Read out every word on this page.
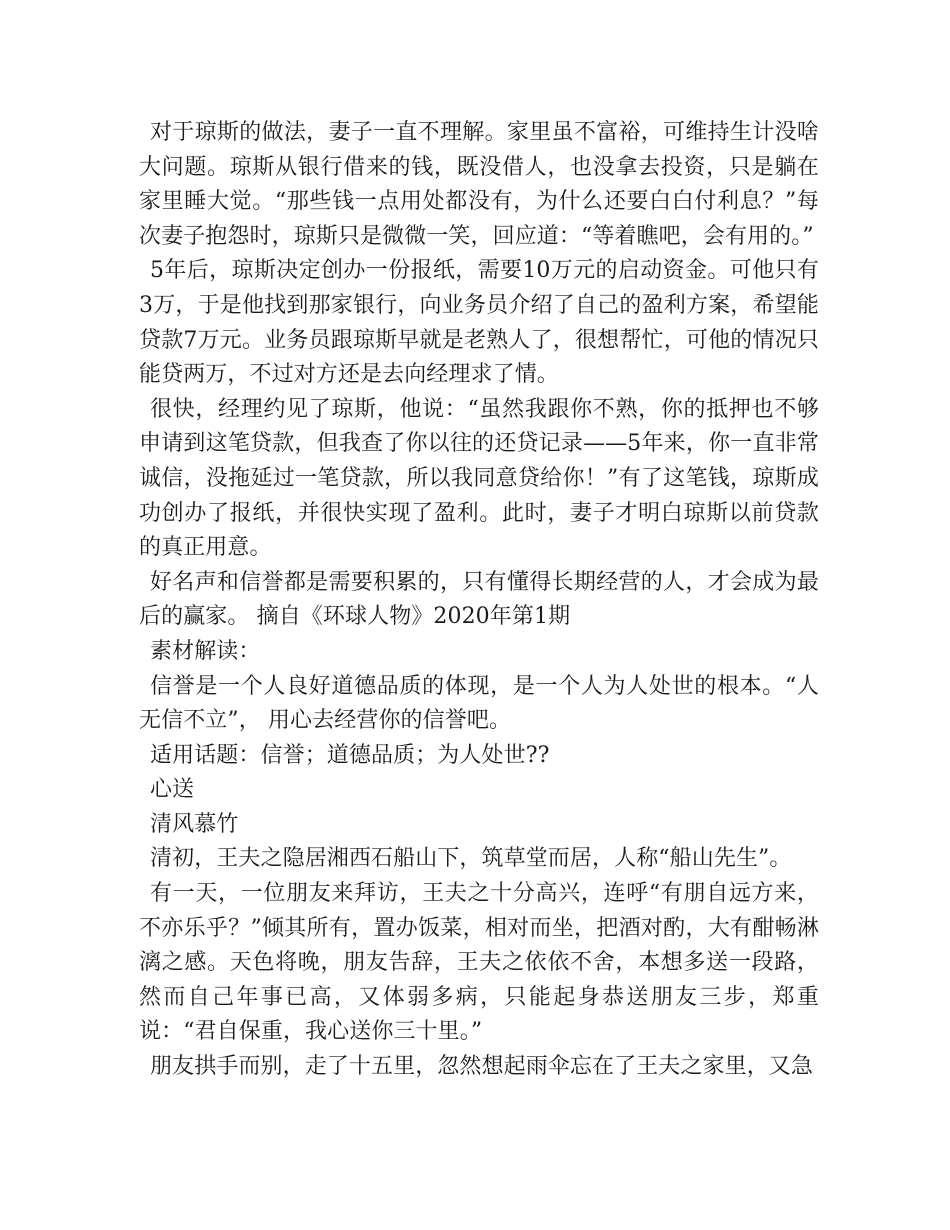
对于琼斯的做法，妻子一直不理解。家里虽不富裕，可维持生计没啥大问题。琼斯从银行借来的钱，既没借人，也没拿去投资，只是躺在家里睡大觉。“那些钱一点用处都没有，为什么还要白白付利息？”每次妻子抱怨时，琼斯只是微微一笑，回应道：“等着瞧吧，会有用的。”

5年后，琼斯决定创办一份报纸，需要10万元的启动资金。可他只有3万，于是他找到那家银行，向业务员介绍了自己的盈利方案，希望能贷款7万元。业务员跟琼斯早就是老熟人了，很想帮忙，可他的情况只能贷两万，不过对方还是去向经理求了情。

很快，经理约见了琼斯，他说：“虽然我跟你不熟，你的抵押也不够申请到这笔贷款，但我查了你以往的还贷记录——5年来，你一直非常诚信，没拖延过一笔贷款，所以我同意贷给你！”有了这笔钱，琼斯成功创办了报纸，并很快实现了盈利。此时，妻子才明白琼斯以前贷款的真正用意。

好名声和信誉都是需要积累的，只有懂得长期经营的人，才会成为最后的赢家。 摘自《环球人物》2020年第1期

素材解读：

信誉是一个人良好道德品质的体现，是一个人为人处世的根本。“人无信不立”， 用心去经营你的信誉吧。

适用话题：信誉；道德品质；为人处世??

心送

清风慕竹

清初，王夫之隐居湘西石船山下，筑草堂而居，人称“船山先生”。

有一天，一位朋友来拜访，王夫之十分高兴，连呼“有朋自远方来，不亦乐乎？”倾其所有，置办饭菜，相对而坐，把酒对酌，大有酣畅淋漓之感。天色将晚，朋友告辞，王夫之依依不舍，本想多送一段路，然而自己年事已高，又体弱多病，只能起身恭送朋友三步，郑重说：“君自保重，我心送你三十里。”

朋友拱手而别，走了十五里，忽然想起雨伞忘在了王夫之家里，又急
